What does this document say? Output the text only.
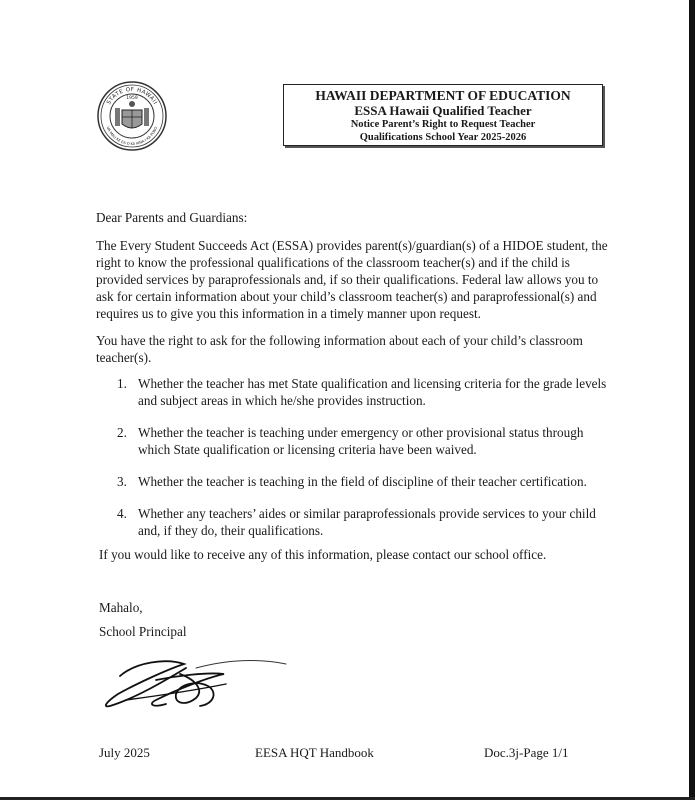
STATE OF HAWAII
UA MAU KE EA O KA AINA I KA PONO
1959	HAWAII DEPARTMENT OF EDUCATION
ESSA Hawaii Qualified Teacher
Notice Parent’s Right to Request Teacher
Qualifications School Year 2025-2026

Dear Parents and Guardians:

The Every Student Succeeds Act (ESSA) provides parent(s)/guardian(s) of a HIDOE student, the right to know the professional qualifications of the classroom teacher(s) and if the child is provided services by paraprofessionals and, if so their qualifications. Federal law allows you to ask for certain information about your child’s classroom teacher(s) and paraprofessional(s) and requires us to give you this information in a timely manner upon request.

You have the right to ask for the following information about each of your child’s classroom teacher(s).

1. Whether the teacher has met State qualification and licensing criteria for the grade levels and subject areas in which he/she provides instruction.
2. Whether the teacher is teaching under emergency or other provisional status through which State qualification or licensing criteria have been waived.
3. Whether the teacher is teaching in the field of discipline of their teacher certification.
4. Whether any teachers’ aides or similar paraprofessionals provide services to your child and, if they do, their qualifications.

If you would like to receive any of this information, please contact our school office.

Mahalo,
School Principal
July 2025	EESA HQT Handbook	Doc.3j-Page 1/1
